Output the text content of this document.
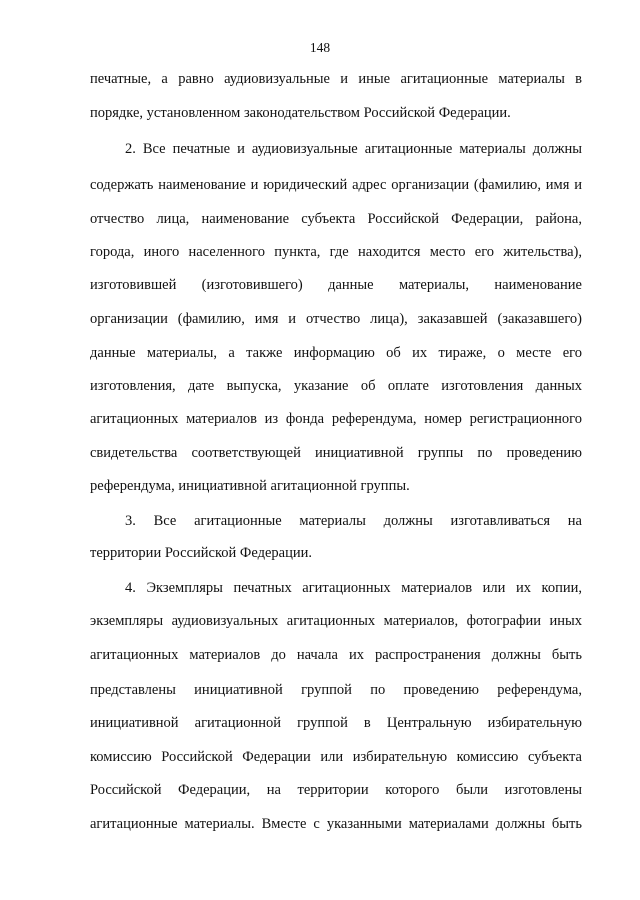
148
печатные, а равно аудиовизуальные и иные агитационные материалы в
порядке, установленном законодательством Российской Федерации.
2. Все печатные и аудиовизуальные агитационные материалы должны
содержать наименование и юридический адрес организации (фамилию, имя и
отчество лица, наименование субъекта Российской Федерации, района,
города, иного населенного пункта, где находится место его жительства),
изготовившей (изготовившего) данные материалы, наименование
организации (фамилию, имя и отчество лица), заказавшей (заказавшего)
данные материалы, а также информацию об их тираже, о месте его
изготовления, дате выпуска, указание об оплате изготовления данных
агитационных материалов из фонда референдума, номер регистрационного
свидетельства соответствующей инициативной группы по проведению
референдума, инициативной агитационной группы.
3. Все агитационные материалы должны изготавливаться на
территории Российской Федерации.
4. Экземпляры печатных агитационных материалов или их копии,
экземпляры аудиовизуальных агитационных материалов, фотографии иных
агитационных материалов до начала их распространения должны быть
представлены инициативной группой по проведению референдума,
инициативной агитационной группой в Центральную избирательную
комиссию Российской Федерации или избирательную комиссию субъекта
Российской Федерации, на территории которого были изготовлены
агитационные материалы. Вместе с указанными материалами должны быть
